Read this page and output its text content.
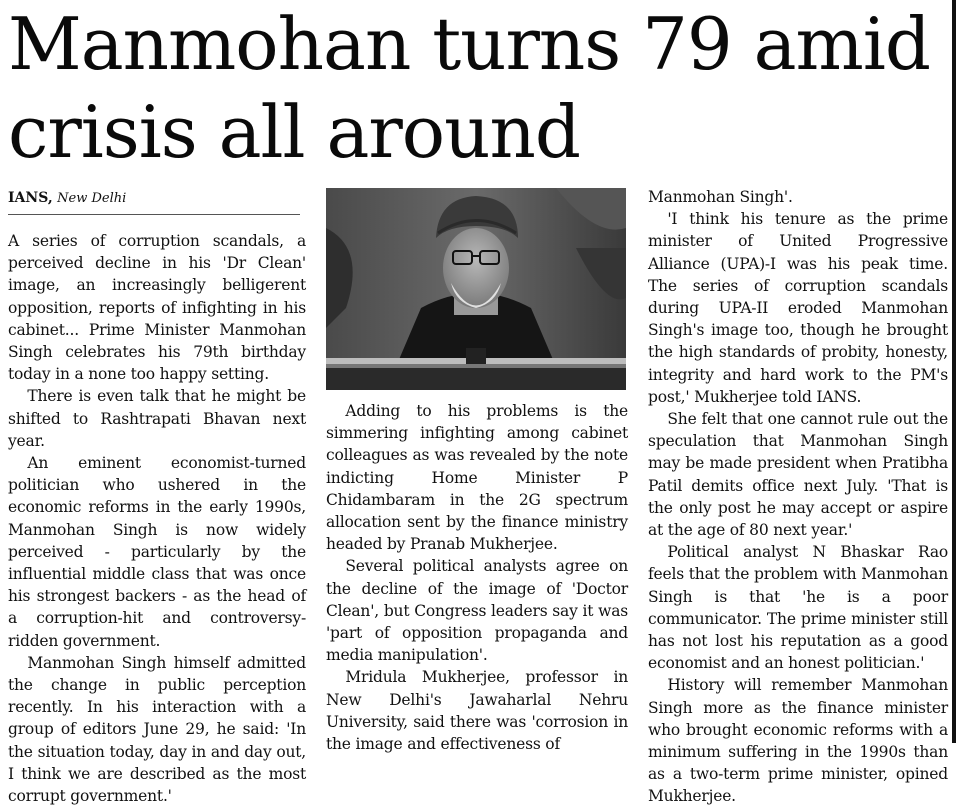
Manmohan turns 79 amid crisis all around
IANS, New Delhi

A series of corruption scandals, a perceived decline in his 'Dr Clean' image, an increasingly belligerent opposition, reports of infighting in his cabinet... Prime Minister Manmohan Singh celebrates his 79th birthday today in a none too happy setting.

There is even talk that he might be shifted to Rashtrapati Bhavan next year.

An eminent economist-turned politician who ushered in the economic reforms in the early 1990s, Manmohan Singh is now widely perceived - particularly by the influential middle class that was once his strongest backers - as the head of a corruption-hit and controversy-ridden government.

Manmohan Singh himself admitted the change in public perception recently. In his interaction with a group of editors June 29, he said: 'In the situation today, day in and day out, I think we are described as the most corrupt government.'

Adding to his problems is the simmering infighting among cabinet colleagues as was revealed by the note indicting Home Minister P Chidambaram in the 2G spectrum allocation sent by the finance ministry headed by Pranab Mukherjee.

Several political analysts agree on the decline of the image of 'Doctor Clean', but Congress leaders say it was 'part of opposition propaganda and media manipulation'.

Mridula Mukherjee, professor in New Delhi's Jawaharlal Nehru University, said there was 'corrosion in the image and effectiveness of

Manmohan Singh'.

'I think his tenure as the prime minister of United Progressive Alliance (UPA)-I was his peak time. The series of corruption scandals during UPA-II eroded Manmohan Singh's image too, though he brought the high standards of probity, honesty, integrity and hard work to the PM's post,' Mukherjee told IANS.

She felt that one cannot rule out the speculation that Manmohan Singh may be made president when Pratibha Patil demits office next July. 'That is the only post he may accept or aspire at the age of 80 next year.'

Political analyst N Bhaskar Rao feels that the problem with Manmohan Singh is that 'he is a poor communicator. The prime minister still has not lost his reputation as a good economist and an honest politician.'

History will remember Manmohan Singh more as the finance minister who brought economic reforms with a minimum suffering in the 1990s than as a two-term prime minister, opined Mukherjee.
